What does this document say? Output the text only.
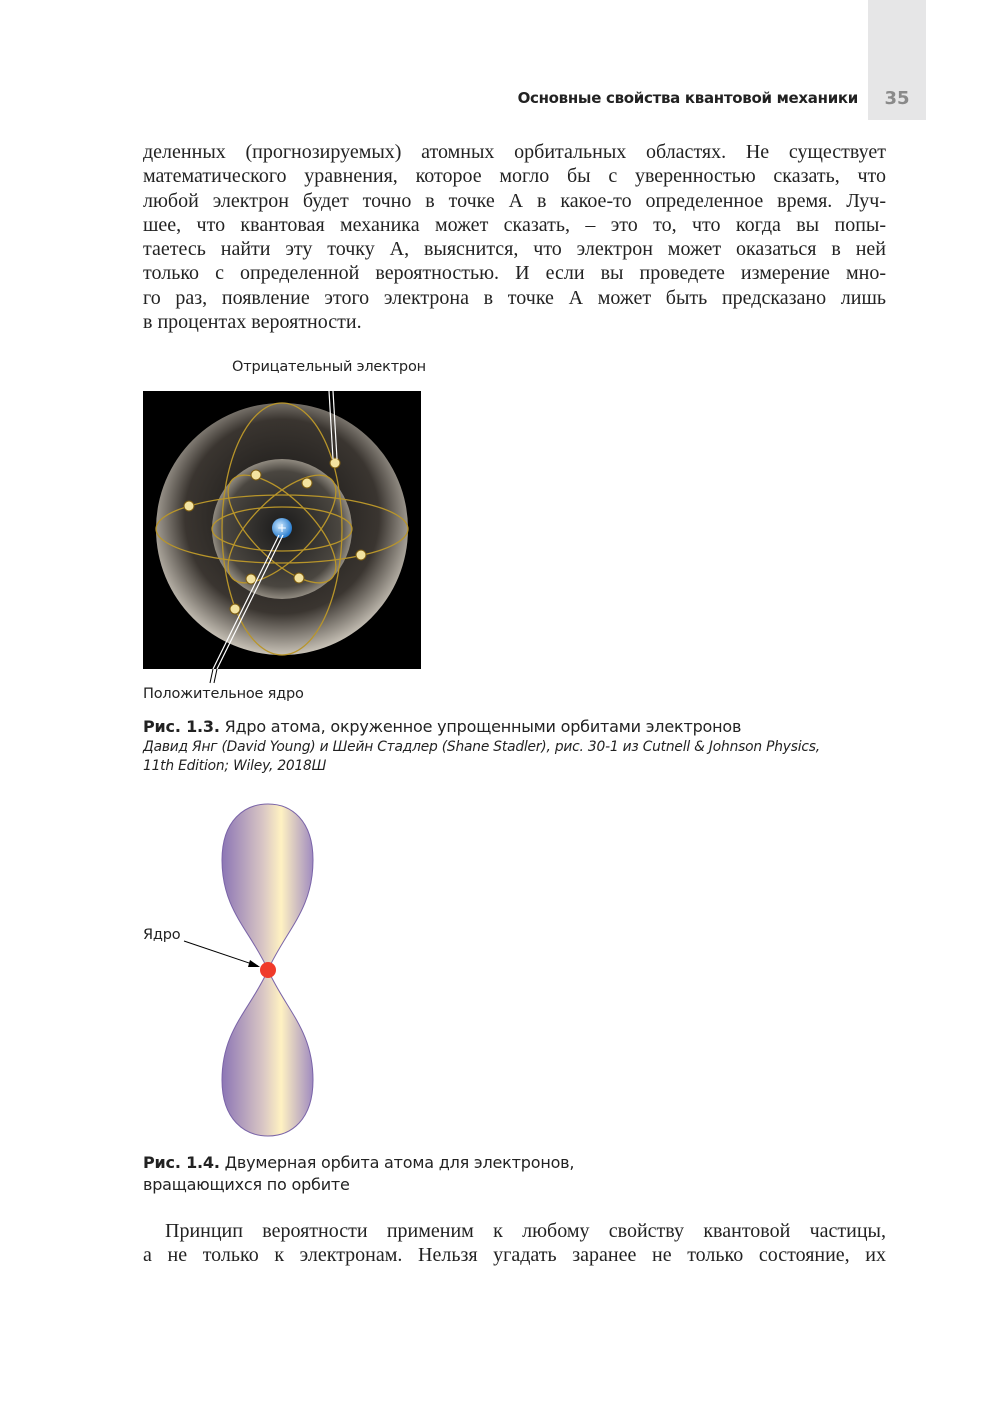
35
Основные свойства квантовой механики
деленных (прогнозируемых) атомных орбитальных областях. Не существует
математического уравнения, которое могло бы с уверенностью сказать, что
любой электрон будет точно в точке А в какое-то определенное время. Луч-
шее, что квантовая механика может сказать, – это то, что когда вы попы-
таетесь найти эту точку А, выяснится, что электрон может оказаться в ней
только с определенной вероятностью. И если вы проведете измерение мно-
го раз, появление этого электрона в точке А может быть предсказано лишь
в процентах вероятности.
Отрицательный электрон
+
Положительное ядро
Рис. 1.3. Ядро атома, окруженное упрощенными орбитами электронов
Давид Янг (David Young) и Шейн Стадлер (Shane Stadler), рис. 30-1 из Cutnell & Johnson Physics,
11th Edition; Wiley, 2018Ш
Ядро
Рис. 1.4. Двумерная орбита атома для электронов,
вращающихся по орбите
Принцип вероятности применим к любому свойству квантовой частицы,
а не только к электронам. Нельзя угадать заранее не только состояние, их
